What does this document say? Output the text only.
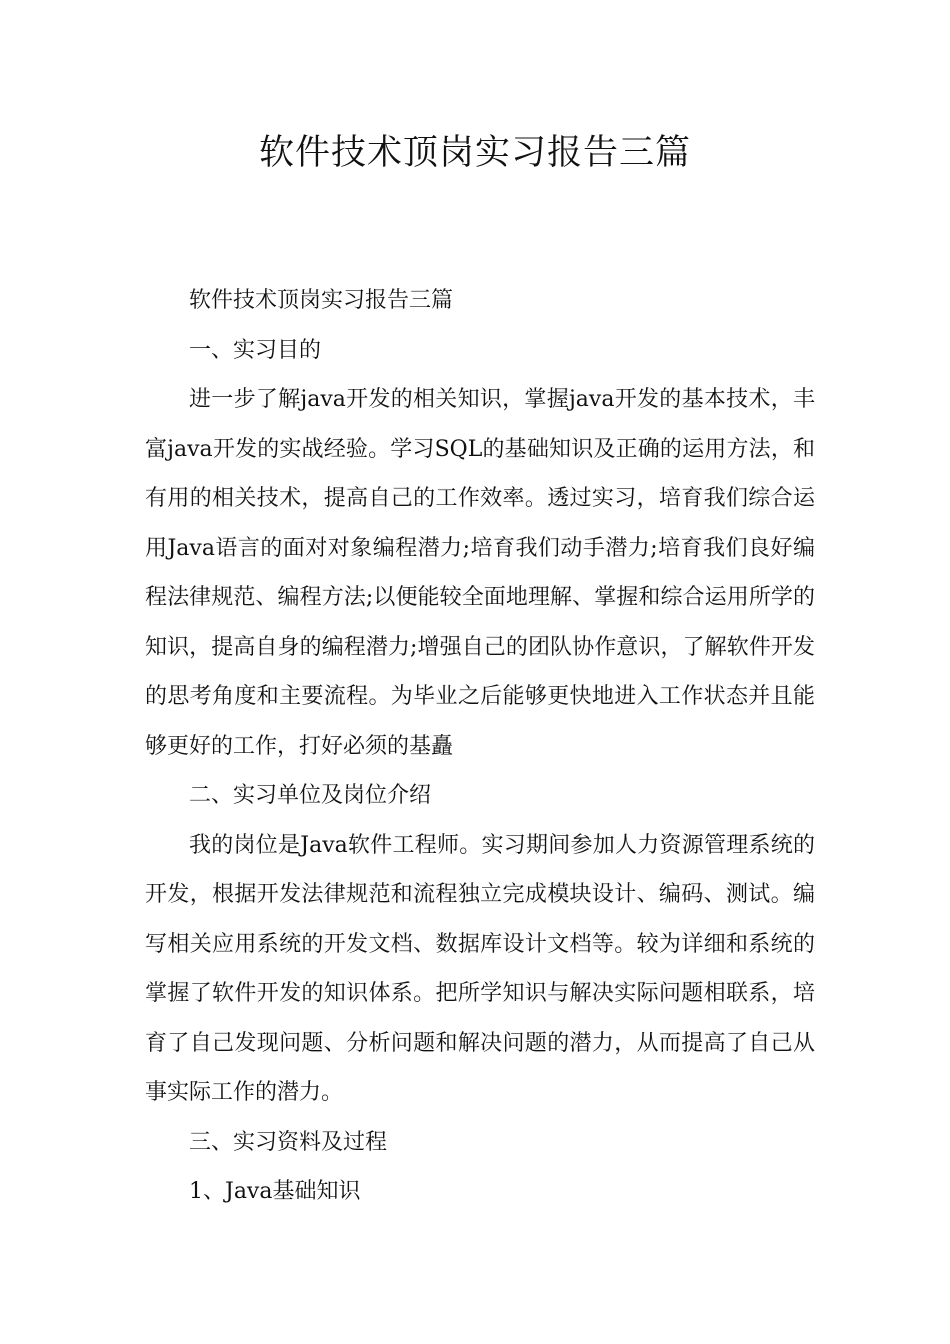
软件技术顶岗实习报告三篇

软件技术顶岗实习报告三篇

一、实习目的

进一步了解java开发的相关知识，掌握java开发的基本技术，丰富java开发的实战经验。学习SQL的基础知识及正确的运用方法，和有用的相关技术，提高自己的工作效率。透过实习，培育我们综合运用Java语言的面对对象编程潜力;培育我们动手潜力;培育我们良好编程法律规范、编程方法;以便能较全面地理解、掌握和综合运用所学的知识，提高自身的编程潜力;增强自己的团队协作意识，了解软件开发的思考角度和主要流程。为毕业之后能够更快地进入工作状态并且能够更好的工作，打好必须的基矗

二、实习单位及岗位介绍

我的岗位是Java软件工程师。实习期间参加人力资源管理系统的开发，根据开发法律规范和流程独立完成模块设计、编码、测试。编写相关应用系统的开发文档、数据库设计文档等。较为详细和系统的掌握了软件开发的知识体系。把所学知识与解决实际问题相联系，培育了自己发现问题、分析问题和解决问题的潜力，从而提高了自己从事实际工作的潜力。

三、实习资料及过程

1、Java基础知识
